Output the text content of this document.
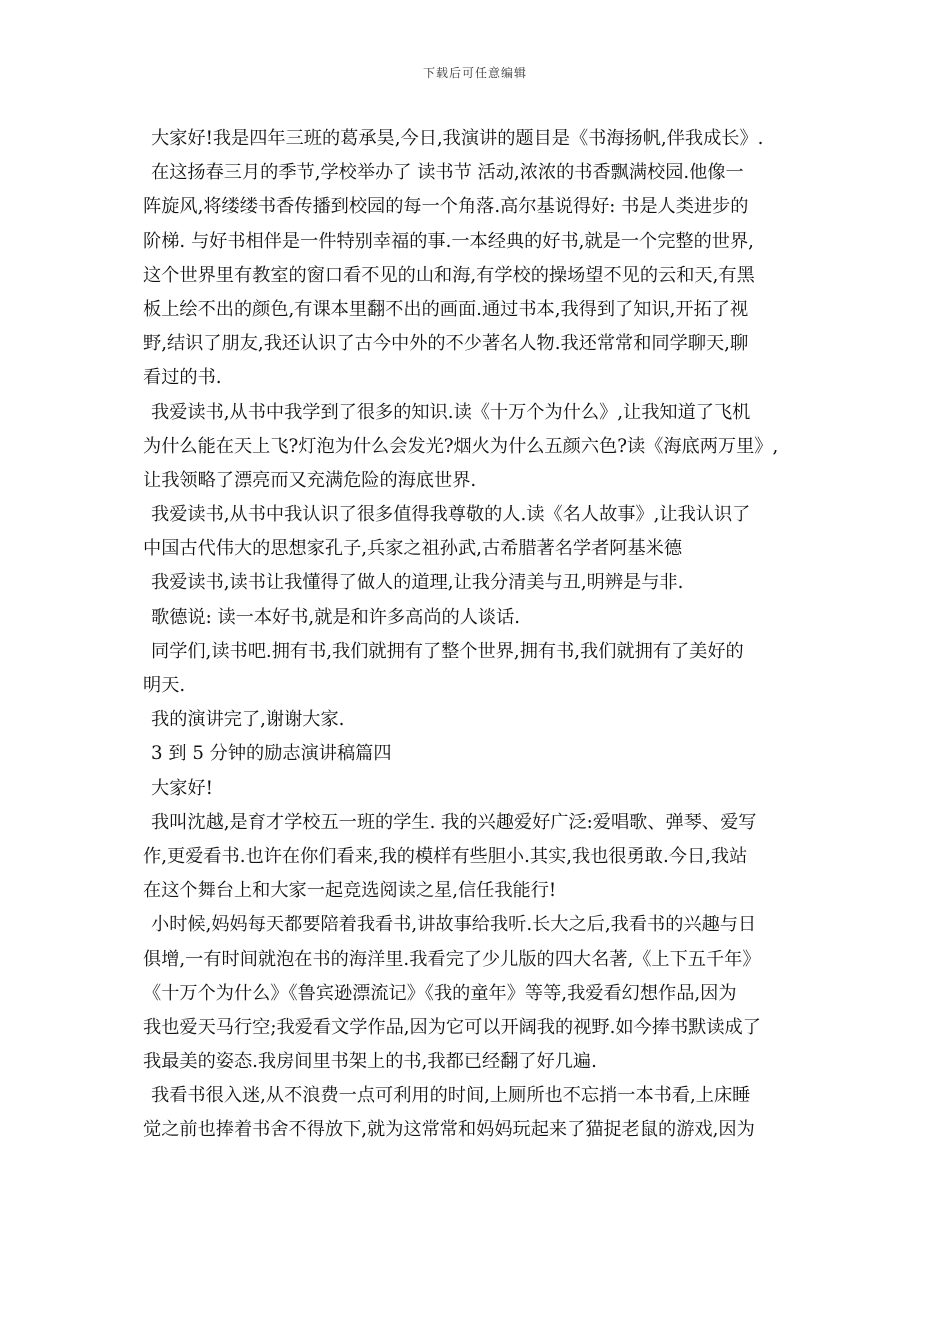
下载后可任意编辑
大家好!我是四年三班的葛承昊,今日,我演讲的题目是《书海扬帆,伴我成长》.
在这扬春三月的季节,学校举办了 读书节 活动,浓浓的书香飘满校园.他像一
阵旋风,将缕缕书香传播到校园的每一个角落.高尔基说得好: 书是人类进步的
阶梯. 与好书相伴是一件特别幸福的事.一本经典的好书,就是一个完整的世界,
这个世界里有教室的窗口看不见的山和海,有学校的操场望不见的云和天,有黑
板上绘不出的颜色,有课本里翻不出的画面.通过书本,我得到了知识,开拓了视
野,结识了朋友,我还认识了古今中外的不少著名人物.我还常常和同学聊天,聊
看过的书.
我爱读书,从书中我学到了很多的知识.读《十万个为什么》,让我知道了飞机
为什么能在天上飞?灯泡为什么会发光?烟火为什么五颜六色?读《海底两万里》,
让我领略了漂亮而又充满危险的海底世界.
我爱读书,从书中我认识了很多值得我尊敬的人.读《名人故事》,让我认识了
中国古代伟大的思想家孔子,兵家之祖孙武,古希腊著名学者阿基米德
我爱读书,读书让我懂得了做人的道理,让我分清美与丑,明辨是与非.
歌德说: 读一本好书,就是和许多高尚的人谈话.
同学们,读书吧.拥有书,我们就拥有了整个世界,拥有书,我们就拥有了美好的
明天.
我的演讲完了,谢谢大家.
3 到 5 分钟的励志演讲稿篇四
大家好!
我叫沈越,是育才学校五一班的学生. 我的兴趣爱好广泛:爱唱歌、弹琴、爱写
作,更爱看书.也许在你们看来,我的模样有些胆小.其实,我也很勇敢.今日,我站
在这个舞台上和大家一起竞选阅读之星,信任我能行!
小时候,妈妈每天都要陪着我看书,讲故事给我听.长大之后,我看书的兴趣与日
俱增,一有时间就泡在书的海洋里.我看完了少儿版的四大名著,《上下五千年》
《十万个为什么》《鲁宾逊漂流记》《我的童年》等等,我爱看幻想作品,因为
我也爱天马行空;我爱看文学作品,因为它可以开阔我的视野.如今捧书默读成了
我最美的姿态.我房间里书架上的书,我都已经翻了好几遍.
我看书很入迷,从不浪费一点可利用的时间,上厕所也不忘捎一本书看,上床睡
觉之前也捧着书舍不得放下,就为这常常和妈妈玩起来了猫捉老鼠的游戏,因为
